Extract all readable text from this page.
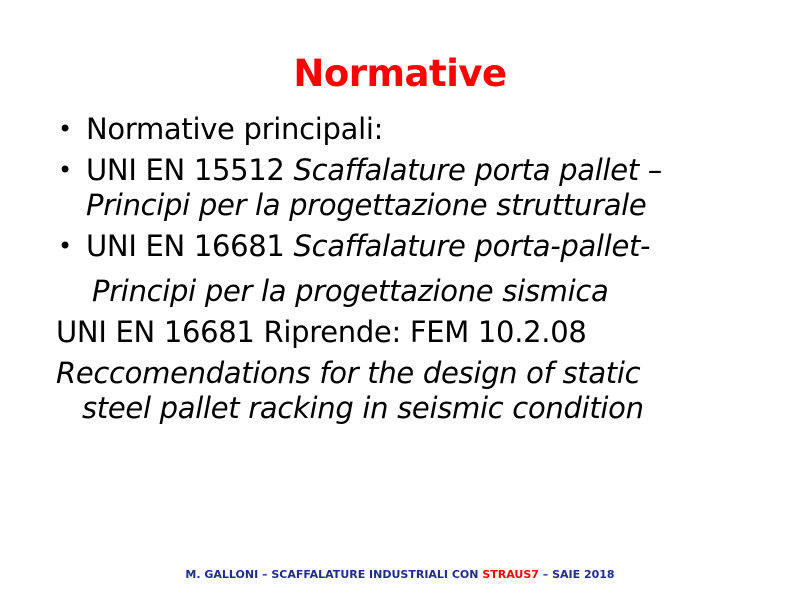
Normative
• Normative principali:
• UNI EN 15512 Scaffalature porta pallet –
Principi per la progettazione strutturale
• UNI EN 16681 Scaffalature porta-pallet-
Principi per la progettazione sismica
UNI EN 16681 Riprende: FEM 10.2.08
Reccomendations for the design of static
steel pallet racking in seismic condition
M. GALLONI – SCAFFALATURE INDUSTRIALI CON STRAUS7 – SAIE 2018
